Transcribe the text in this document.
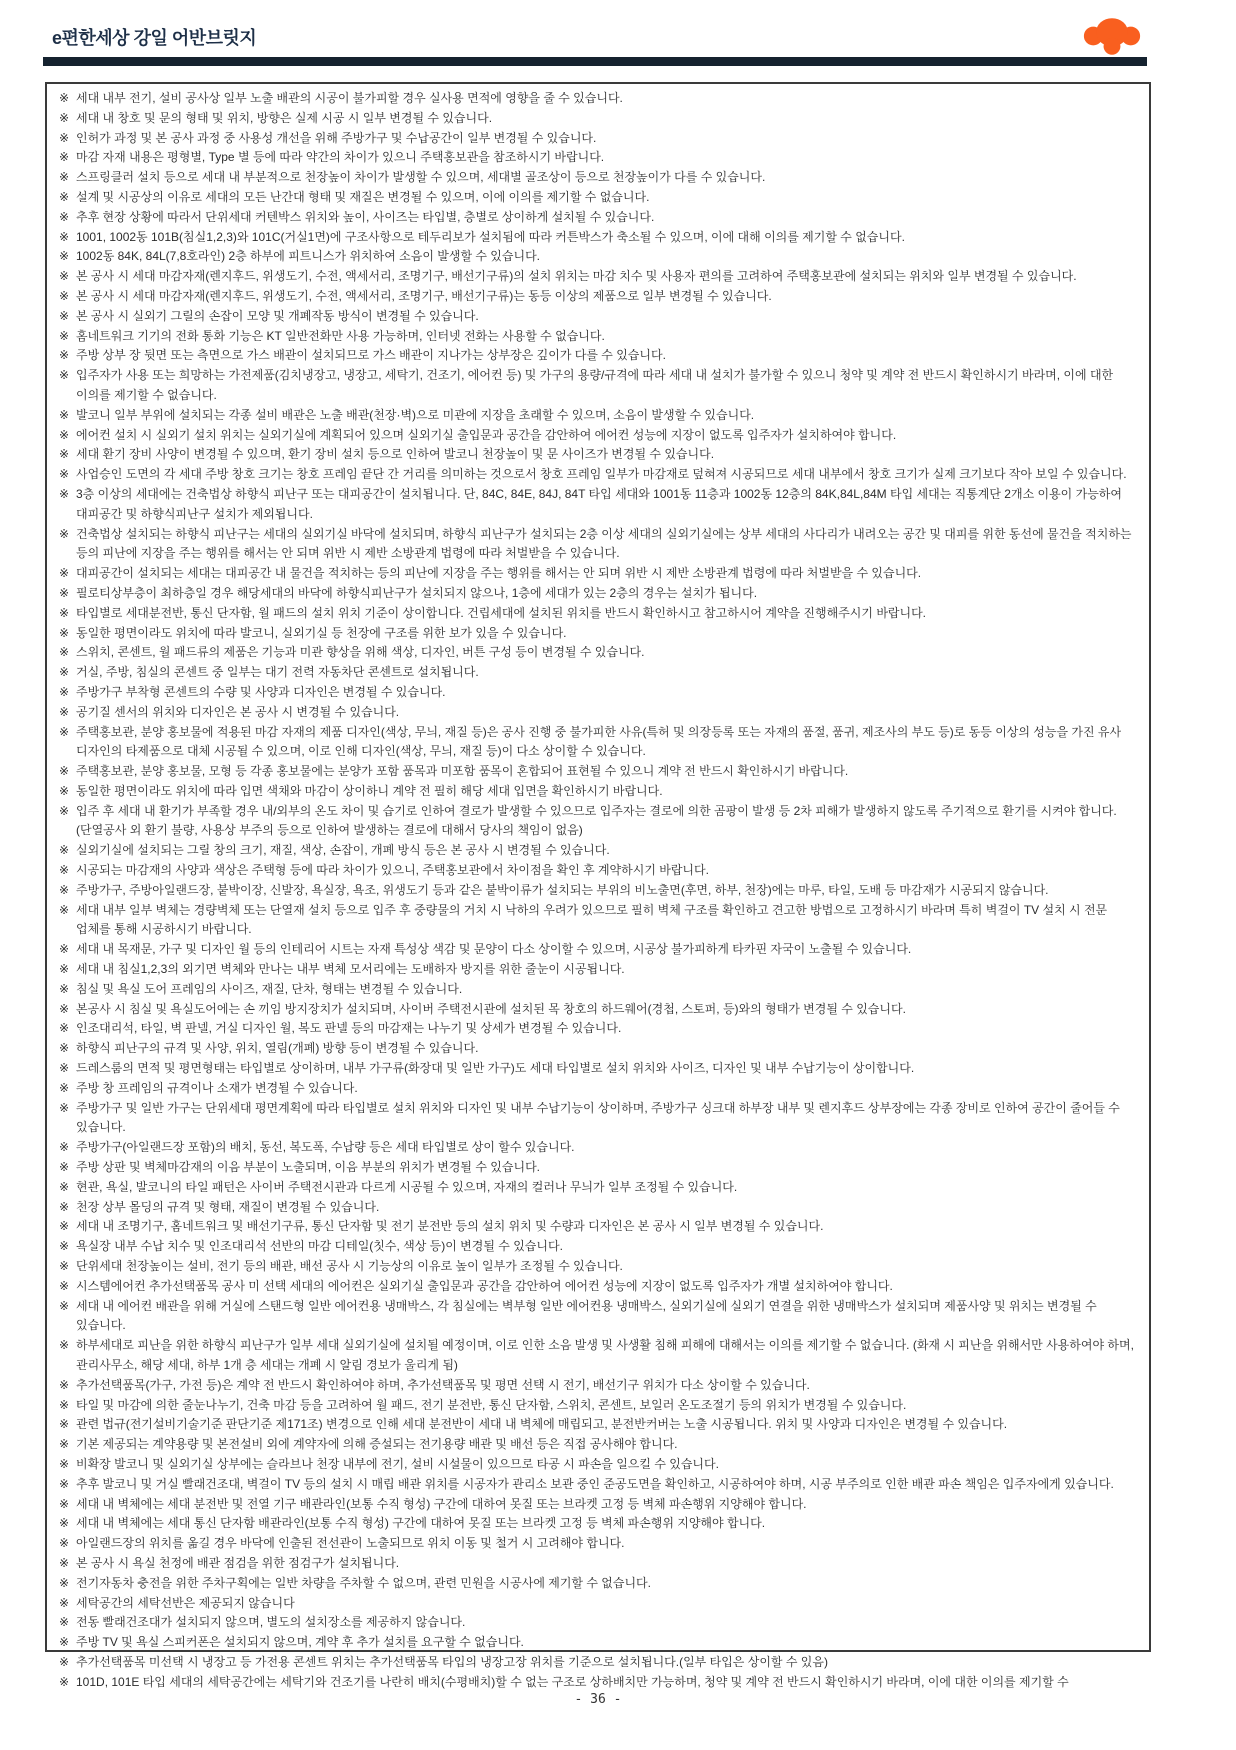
e편한세상 강일 어반브릿지
※ 세대 내부 전기, 설비 공사상 일부 노출 배관의 시공이 불가피할 경우 실사용 면적에 영향을 줄 수 있습니다.
※ 세대 내 창호 및 문의 형태 및 위치, 방향은 실제 시공 시 일부 변경될 수 있습니다.
※ 인허가 과정 및 본 공사 과정 중 사용성 개선을 위해 주방가구 및 수납공간이 일부 변경될 수 있습니다.
※ 마감 자재 내용은 평형별, Type 별 등에 따라 약간의 차이가 있으니 주택홍보관을 참조하시기 바랍니다.
※ 스프링클러 설치 등으로 세대 내 부분적으로 천장높이 차이가 발생할 수 있으며, 세대별 골조상이 등으로 천장높이가 다를 수 있습니다.
※ 설계 및 시공상의 이유로 세대의 모든 난간대 형태 및 재질은 변경될 수 있으며, 이에 이의를 제기할 수 없습니다.
※ 추후 현장 상황에 따라서 단위세대 커텐박스 위치와 높이, 사이즈는 타입별, 층별로 상이하게 설치될 수 있습니다.
※ 1001, 1002동 101B(침실1,2,3)와 101C(거실1면)에 구조사항으로 테두리보가 설치됨에 따라 커튼박스가 축소될 수 있으며, 이에 대해 이의를 제기할 수 없습니다.
※ 1002동 84K, 84L(7,8호라인) 2층 하부에 피트니스가 위치하여 소음이 발생할 수 있습니다.
※ 본 공사 시 세대 마감자재(렌지후드, 위생도기, 수전, 액세서리, 조명기구, 배선기구류)의 설치 위치는 마감 치수 및 사용자 편의를 고려하여 주택홍보관에 설치되는 위치와 일부 변경될 수 있습니다.
※ 본 공사 시 세대 마감자재(렌지후드, 위생도기, 수전, 액세서리, 조명기구, 배선기구류)는 동등 이상의 제품으로 일부 변경될 수 있습니다.
※ 본 공사 시 실외기 그릴의 손잡이 모양 및 개폐작동 방식이 변경될 수 있습니다.
※ 홈네트워크 기기의 전화 통화 기능은 KT 일반전화만 사용 가능하며, 인터넷 전화는 사용할 수 없습니다.
※ 주방 상부 장 뒷면 또는 측면으로 가스 배관이 설치되므로 가스 배관이 지나가는 상부장은 깊이가 다를 수 있습니다.
※ 입주자가 사용 또는 희망하는 가전제품(김치냉장고, 냉장고, 세탁기, 건조기, 에어컨 등) 및 가구의 용량/규격에 따라 세대 내 설치가 불가할 수 있으니 청약 및 계약 전 반드시 확인하시기 바라며, 이에 대한 이의를 제기할 수 없습니다.
※ 발코니 일부 부위에 설치되는 각종 설비 배관은 노출 배관(천장·벽)으로 미관에 지장을 초래할 수 있으며, 소음이 발생할 수 있습니다.
※ 에어컨 설치 시 실외기 설치 위치는 실외기실에 계획되어 있으며 실외기실 출입문과 공간을 감안하여 에어컨 성능에 지장이 없도록 입주자가 설치하여야 합니다.
※ 세대 환기 장비 사양이 변경될 수 있으며, 환기 장비 설치 등으로 인하여 발코니 천장높이 및 문 사이즈가 변경될 수 있습니다.
※ 사업승인 도면의 각 세대 주방 창호 크기는 창호 프레임 끝단 간 거리를 의미하는 것으로서 창호 프레임 일부가 마감재로 덮혀져 시공되므로 세대 내부에서 창호 크기가 실제 크기보다 작아 보일 수 있습니다.
※ 3층 이상의 세대에는 건축법상 하향식 피난구 또는 대피공간이 설치됩니다. 단, 84C, 84E, 84J, 84T 타입 세대와 1001동 11층과 1002동 12층의 84K,84L,84M 타입 세대는 직통계단 2개소 이용이 가능하여 대피공간 및 하향식피난구 설치가 제외됩니다.
※ 건축법상 설치되는 하향식 피난구는 세대의 실외기실 바닥에 설치되며, 하향식 피난구가 설치되는 2층 이상 세대의 실외기실에는 상부 세대의 사다리가 내려오는 공간 및 대피를 위한 동선에 물건을 적치하는 등의 피난에 지장을 주는 행위를 해서는 안 되며 위반 시 제반 소방관계 법령에 따라 처벌받을 수 있습니다.
※ 대피공간이 설치되는 세대는 대피공간 내 물건을 적치하는 등의 피난에 지장을 주는 행위를 해서는 안 되며 위반 시 제반 소방관계 법령에 따라 처벌받을 수 있습니다.
※ 필로티상부층이 최하층일 경우 해당세대의 바닥에 하향식피난구가 설치되지 않으나, 1층에 세대가 있는 2층의 경우는 설치가 됩니다.
※ 타입별로 세대분전반, 통신 단자함, 월 패드의 설치 위치 기준이 상이합니다. 건립세대에 설치된 위치를 반드시 확인하시고 참고하시어 계약을 진행해주시기 바랍니다.
※ 동일한 평면이라도 위치에 따라 발코니, 실외기실 등 천장에 구조를 위한 보가 있을 수 있습니다.
※ 스위치, 콘센트, 월 패드류의 제품은 기능과 미관 향상을 위해 색상, 디자인, 버튼 구성 등이 변경될 수 있습니다.
※ 거실, 주방, 침실의 콘센트 중 일부는 대기 전력 자동차단 콘센트로 설치됩니다.
※ 주방가구 부착형 콘센트의 수량 및 사양과 디자인은 변경될 수 있습니다.
※ 공기질 센서의 위치와 디자인은 본 공사 시 변경될 수 있습니다.
※ 주택홍보관, 분양 홍보물에 적용된 마감 자재의 제품 디자인(색상, 무늬, 재질 등)은 공사 진행 중 불가피한 사유(특허 및 의장등록 또는 자재의 품절, 품귀, 제조사의 부도 등)로 동등 이상의 성능을 가진 유사 디자인의 타제품으로 대체 시공될 수 있으며, 이로 인해 디자인(색상, 무늬, 재질 등)이 다소 상이할 수 있습니다.
※ 주택홍보관, 분양 홍보물, 모형 등 각종 홍보물에는 분양가 포함 품목과 미포함 품목이 혼합되어 표현될 수 있으니 계약 전 반드시 확인하시기 바랍니다.
※ 동일한 평면이라도 위치에 따라 입면 색채와 마감이 상이하니 계약 전 필히 해당 세대 입면을 확인하시기 바랍니다.
※ 입주 후 세대 내 환기가 부족할 경우 내/외부의 온도 차이 및 습기로 인하여 결로가 발생할 수 있으므로 입주자는 결로에 의한 곰팡이 발생 등 2차 피해가 발생하지 않도록 주기적으로 환기를 시켜야 합니다. (단열공사 외 환기 불량, 사용상 부주의 등으로 인하여 발생하는 결로에 대해서 당사의 책임이 없음)
※ 실외기실에 설치되는 그릴 창의 크기, 재질, 색상, 손잡이, 개폐 방식 등은 본 공사 시 변경될 수 있습니다.
※ 시공되는 마감재의 사양과 색상은 주택형 등에 따라 차이가 있으니, 주택홍보관에서 차이점을 확인 후 계약하시기 바랍니다.
※ 주방가구, 주방아일랜드장, 붙박이장, 신발장, 욕실장, 욕조, 위생도기 등과 같은 붙박이류가 설치되는 부위의 비노출면(후면, 하부, 천장)에는 마루, 타일, 도배 등 마감재가 시공되지 않습니다.
※ 세대 내부 일부 벽체는 경량벽체 또는 단열재 설치 등으로 입주 후 중량물의 거치 시 낙하의 우려가 있으므로 필히 벽체 구조를 확인하고 견고한 방법으로 고정하시기 바라며 특히 벽걸이 TV 설치 시 전문 업체를 통해 시공하시기 바랍니다.
※ 세대 내 목재문, 가구 및 디자인 월 등의 인테리어 시트는 자재 특성상 색감 및 문양이 다소 상이할 수 있으며, 시공상 불가피하게 타카핀 자국이 노출될 수 있습니다.
※ 세대 내 침실1,2,3의 외기면 벽체와 만나는 내부 벽체 모서리에는 도배하자 방지를 위한 줄눈이 시공됩니다.
※ 침실 및 욕실 도어 프레임의 사이즈, 재질, 단차, 형태는 변경될 수 있습니다.
※ 본공사 시 침실 및 욕실도어에는 손 끼임 방지장치가 설치되며, 사이버 주택전시관에 설치된 목 창호의 하드웨어(경첩, 스토퍼, 등)와의 형태가 변경될 수 있습니다.
※ 인조대리석, 타일, 벽 판넬, 거실 디자인 월, 복도 판넬 등의 마감재는 나누기 및 상세가 변경될 수 있습니다.
※ 하향식 피난구의 규격 및 사양, 위치, 열림(개폐) 방향 등이 변경될 수 있습니다.
※ 드레스룸의 면적 및 평면형태는 타입별로 상이하며, 내부 가구류(화장대 및 일반 가구)도 세대 타입별로 설치 위치와 사이즈, 디자인 및 내부 수납기능이 상이합니다.
※ 주방 창 프레임의 규격이나 소재가 변경될 수 있습니다.
※ 주방가구 및 일반 가구는 단위세대 평면계획에 따라 타입별로 설치 위치와 디자인 및 내부 수납기능이 상이하며, 주방가구 싱크대 하부장 내부 및 렌지후드 상부장에는 각종 장비로 인하여 공간이 줄어들 수 있습니다.
※ 주방가구(아일랜드장 포함)의 배치, 동선, 복도폭, 수납량 등은 세대 타입별로 상이 할수 있습니다.
※ 주방 상판 및 벽체마감재의 이음 부분이 노출되며, 이음 부분의 위치가 변경될 수 있습니다.
※ 현관, 욕실, 발코니의 타일 패턴은 사이버 주택전시관과 다르게 시공될 수 있으며, 자재의 컬러나 무늬가 일부 조정될 수 있습니다.
※ 천장 상부 몰딩의 규격 및 형태, 재질이 변경될 수 있습니다.
※ 세대 내 조명기구, 홈네트워크 및 배선기구류, 통신 단자함 및 전기 분전반 등의 설치 위치 및 수량과 디자인은 본 공사 시 일부 변경될 수 있습니다.
※ 욕실장 내부 수납 치수 및 인조대리석 선반의 마감 디테일(칫수, 색상 등)이 변경될 수 있습니다.
※ 단위세대 천장높이는 설비, 전기 등의 배관, 배선 공사 시 기능상의 이유로 높이 일부가 조정될 수 있습니다.
※ 시스템에어컨 추가선택품목 공사 미 선택 세대의 에어컨은 실외기실 출입문과 공간을 감안하여 에어컨 성능에 지장이 없도록 입주자가 개별 설치하여야 합니다.
※ 세대 내 에어컨 배관을 위해 거실에 스탠드형 일반 에어컨용 냉매박스, 각 침실에는 벽부형 일반 에어컨용 냉매박스, 실외기실에 실외기 연결을 위한 냉매박스가 설치되며 제품사양 및 위치는 변경될 수 있습니다.
※ 하부세대로 피난을 위한 하향식 피난구가 일부 세대 실외기실에 설치될 예정이며, 이로 인한 소음 발생 및 사생활 침해 피해에 대해서는 이의를 제기할 수 없습니다. (화재 시 피난을 위해서만 사용하여야 하며, 관리사무소, 해당 세대, 하부 1개 층 세대는 개폐 시 알림 경보가 울리게 됨)
※ 추가선택품목(가구, 가전 등)은 계약 전 반드시 확인하여야 하며, 추가선택품목 및 평면 선택 시 전기, 배선기구 위치가 다소 상이할 수 있습니다.
※ 타일 및 마감에 의한 줄눈나누기, 건축 마감 등을 고려하여 월 패드, 전기 분전반, 통신 단자함, 스위치, 콘센트, 보일러 온도조절기 등의 위치가 변경될 수 있습니다.
※ 관련 법규(전기설비기술기준 판단기준 제171조) 변경으로 인해 세대 분전반이 세대 내 벽체에 매립되고, 분전반커버는 노출 시공됩니다. 위치 및 사양과 디자인은 변경될 수 있습니다.
※ 기본 제공되는 계약용량 및 본전설비 외에 계약자에 의해 증설되는 전기용량 배관 및 배선 등은 직접 공사해야 합니다.
※ 비확장 발코니 및 실외기실 상부에는 슬라브나 천장 내부에 전기, 설비 시설물이 있으므로 타공 시 파손을 일으킬 수 있습니다.
※ 추후 발코니 및 거실 빨래건조대, 벽걸이 TV 등의 설치 시 매립 배관 위치를 시공자가 관리소 보관 중인 준공도면을 확인하고, 시공하여야 하며, 시공 부주의로 인한 배관 파손 책임은 입주자에게 있습니다.
※ 세대 내 벽체에는 세대 분전반 및 전열 기구 배관라인(보통 수직 형성) 구간에 대하여 못질 또는 브라켓 고정 등 벽체 파손행위 지양해야 합니다.
※ 세대 내 벽체에는 세대 통신 단자함 배관라인(보통 수직 형성) 구간에 대하여 못질 또는 브라켓 고정 등 벽체 파손행위 지양해야 합니다.
※ 아일랜드장의 위치를 옮길 경우 바닥에 인출된 전선관이 노출되므로 위치 이동 및 철거 시 고려해야 합니다.
※ 본 공사 시 욕실 천정에 배관 점검을 위한 점검구가 설치됩니다.
※ 전기자동차 충전을 위한 주차구획에는 일반 차량을 주차할 수 없으며, 관련 민원을 시공사에 제기할 수 없습니다.
※ 세탁공간의 세탁선반은 제공되지 않습니다
※ 전동 빨래건조대가 설치되지 않으며, 별도의 설치장소를 제공하지 않습니다.
※ 주방 TV 및 욕실 스피커폰은 설치되지 않으며, 계약 후 추가 설치를 요구할 수 없습니다.
※ 추가선택품목 미선택 시 냉장고 등 가전용 콘센트 위치는 추가선택품목 타입의 냉장고장 위치를 기준으로 설치됩니다.(일부 타입은 상이할 수 있음)
※ 101D, 101E 타입 세대의 세탁공간에는 세탁기와 건조기를 나란히 배치(수평배치)할 수 없는 구조로 상하배치만 가능하며, 청약 및 계약 전 반드시 확인하시기 바라며, 이에 대한 이의를 제기할 수
- 36 -
